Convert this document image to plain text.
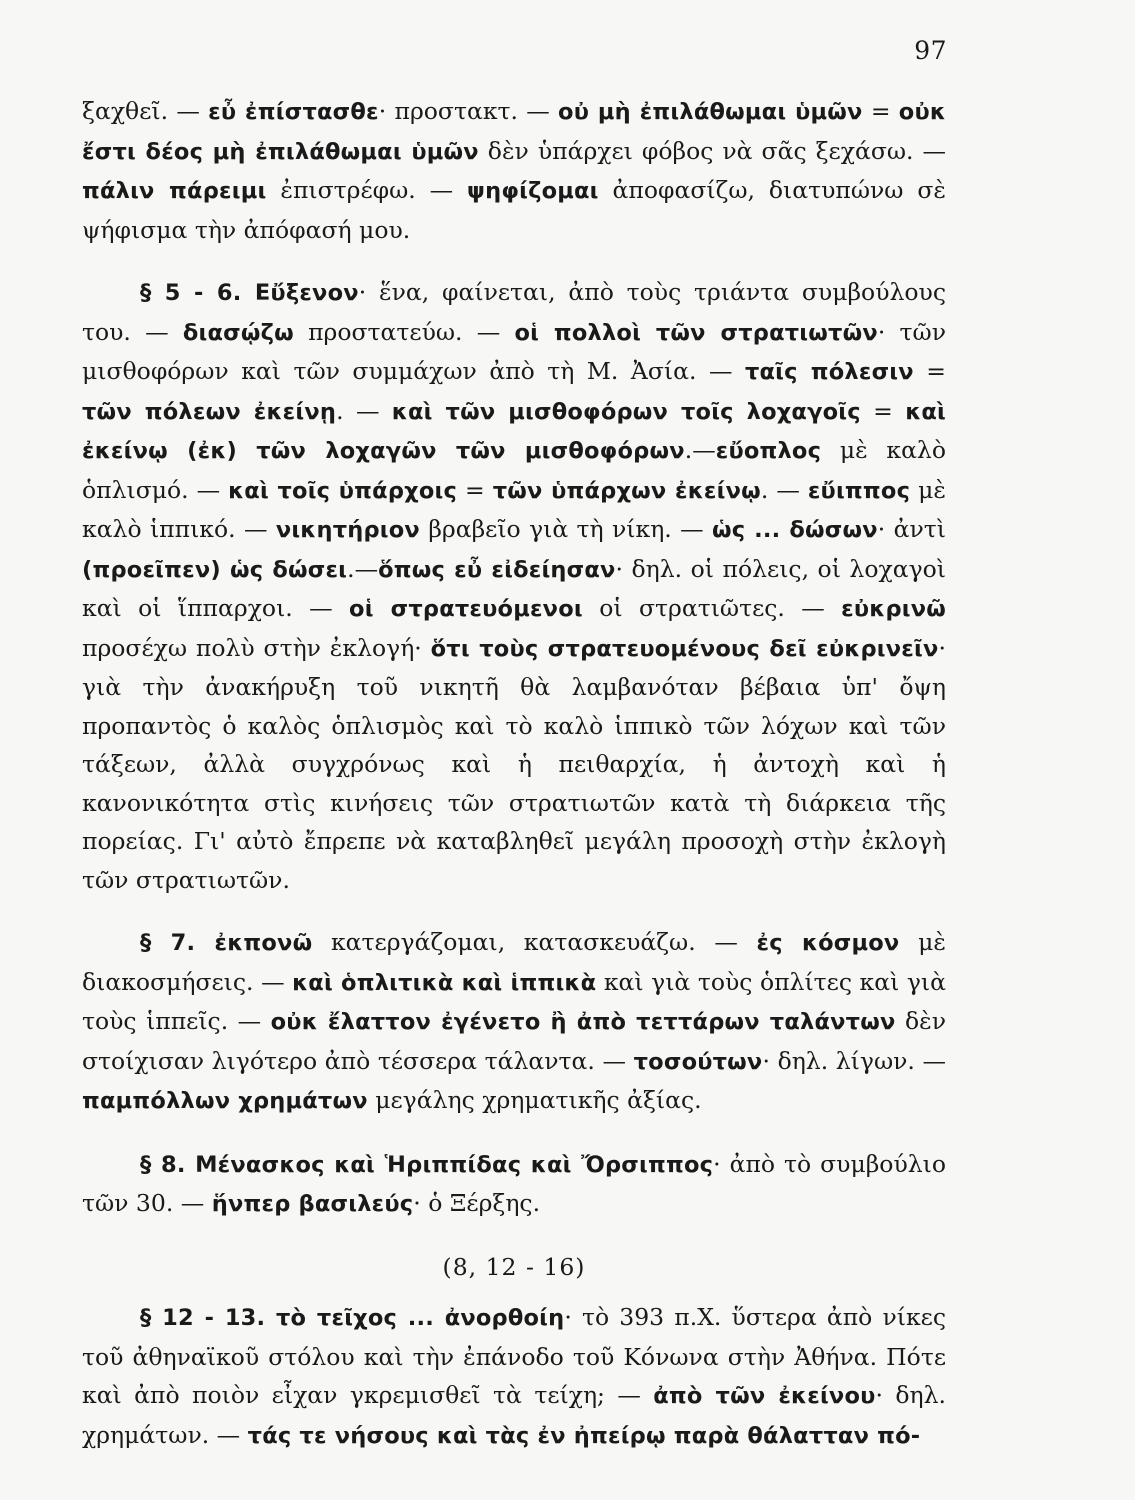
97

ξαχθεῖ. — εὖ ἐπίστασθε· προστακτ. — οὐ μὴ ἐπιλάθωμαι ὑμῶν = οὐκ ἔστι δέος μὴ ἐπιλάθωμαι ὑμῶν δὲν ὑπάρχει φόβος νὰ σᾶς ξεχάσω. — πάλιν πάρειμι ἐπιστρέφω. — ψηφίζομαι ἀποφασίζω, διατυπώνω σὲ ψήφισμα τὴν ἀπόφασή μου.

§ 5 - 6. Εὔξενον· ἕνα, φαίνεται, ἀπὸ τοὺς τριάντα συμβούλους του. — διασῴζω προστατεύω. — οἱ πολλοὶ τῶν στρατιωτῶν· τῶν μισθοφόρων καὶ τῶν συμμάχων ἀπὸ τὴ Μ. Ἀσία. — ταῖς πόλεσιν = τῶν πόλεων ἐκείνῃ. — καὶ τῶν μισθοφόρων τοῖς λοχαγοῖς = καὶ ἐκείνῳ (ἐκ) τῶν λοχαγῶν τῶν μισθοφόρων.—εὔοπλος μὲ καλὸ ὁπλισμό. — καὶ τοῖς ὑπάρχοις = τῶν ὑπάρχων ἐκείνῳ. — εὔιππος μὲ καλὸ ἱππικό. — νικητήριον βραβεῖο γιὰ τὴ νίκη. — ὡς ... δώσων· ἀντὶ (προεῖπεν) ὡς δώσει.—ὅπως εὖ εἰδείησαν· δηλ. οἱ πόλεις, οἱ λοχαγοὶ καὶ οἱ ἵππαρχοι. — οἱ στρατευόμενοι οἱ στρατιῶτες. — εὐκρινῶ προσέχω πολὺ στὴν ἐκλογή· ὅτι τοὺς στρατευομένους δεῖ εὐκρινεῖν· γιὰ τὴν ἀνακήρυξη τοῦ νικητῆ θὰ λαμβανόταν βέβαια ὑπ' ὄψη προπαντὸς ὁ καλὸς ὁπλισμὸς καὶ τὸ καλὸ ἱππικὸ τῶν λόχων καὶ τῶν τάξεων, ἀλλὰ συγχρόνως καὶ ἡ πειθαρχία, ἡ ἀντοχὴ καὶ ἡ κανονικότητα στὶς κινήσεις τῶν στρατιωτῶν κατὰ τὴ διάρκεια τῆς πορείας. Γι' αὐτὸ ἔπρεπε νὰ καταβληθεῖ μεγάλη προσοχὴ στὴν ἐκλογὴ τῶν στρατιωτῶν.

§ 7. ἐκπονῶ κατεργάζομαι, κατασκευάζω. — ἐς κόσμον μὲ διακοσμήσεις. — καὶ ὁπλιτικὰ καὶ ἱππικὰ καὶ γιὰ τοὺς ὁπλίτες καὶ γιὰ τοὺς ἱππεῖς. — οὐκ ἔλαττον ἐγένετο ἢ ἀπὸ τεττάρων ταλάντων δὲν στοίχισαν λιγότερο ἀπὸ τέσσερα τάλαντα. — τοσούτων· δηλ. λίγων. — παμπόλλων χρημάτων μεγάλης χρηματικῆς ἀξίας.

§ 8. Μένασκος καὶ Ἡριππίδας καὶ Ὄρσιππος· ἀπὸ τὸ συμβούλιο τῶν 30. — ἥνπερ βασιλεύς· ὁ Ξέρξης.

(8, 12 - 16)

§ 12 - 13. τὸ τεῖχος ... ἀνορθοίη· τὸ 393 π.Χ. ὕστερα ἀπὸ νίκες τοῦ ἀθηναϊκοῦ στόλου καὶ τὴν ἐπάνοδο τοῦ Κόνωνα στὴν Ἀθήνα. Πότε καὶ ἀπὸ ποιὸν εἶχαν γκρεμισθεῖ τὰ τείχη; — ἀπὸ τῶν ἐκείνου· δηλ. χρημάτων. — τάς τε νήσους καὶ τὰς ἐν ἠπείρῳ παρὰ θάλατταν πό-
